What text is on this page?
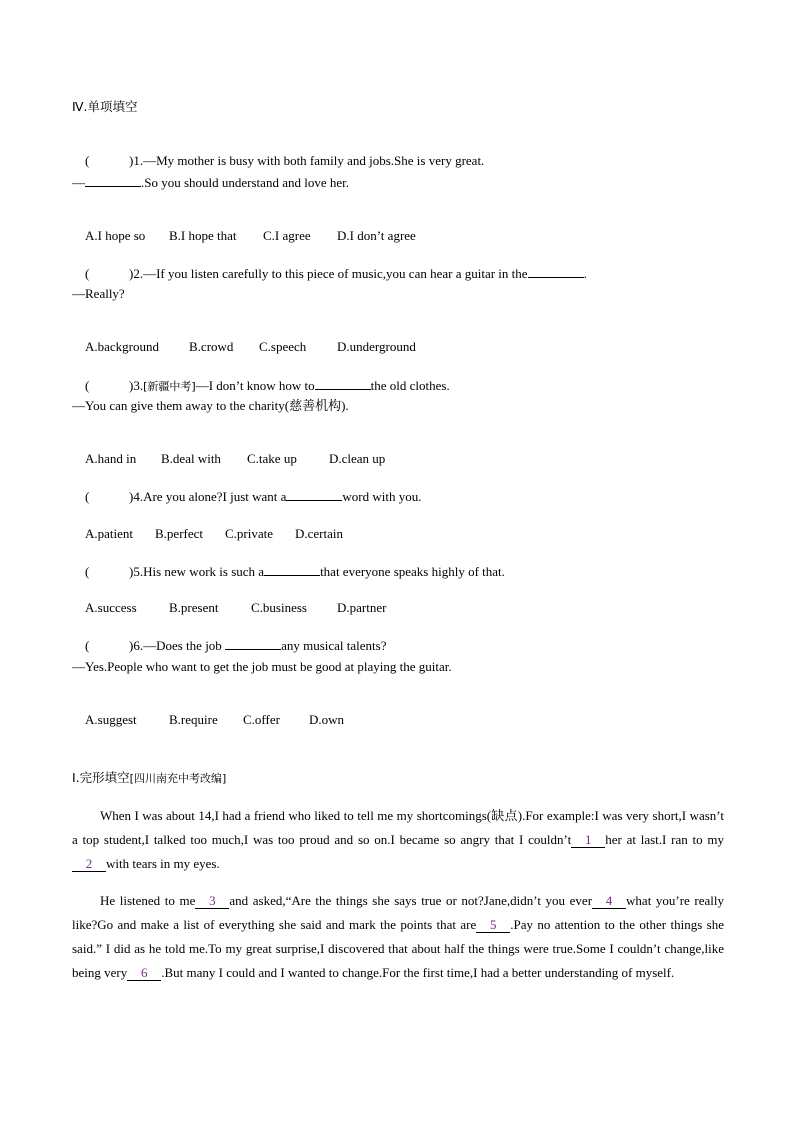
Ⅳ.单项填空

(	)1.—My mother is busy with both family and jobs.She is very great.

—	.So you should understand and love her.

A.I hope so B.I hope that C.I agree D.I don’t agree

(	)2.—If you listen carefully to this piece of music,you can hear a guitar in the	.

—Really?

A.background B.crowd C.speech D.underground

(	)3.[新疆中考]—I don’t know how to	the old clothes.

—You can give them away to the charity(慈善机构).

A.hand in B.deal with C.take up D.clean up

(	)4.Are you alone?I just want a	word with you.

A.patient B.perfect C.private D.certain

(	)5.His new work is such a	that everyone speaks highly of that.

A.success B.present	C.business D.partner

(	)6.—Does the job	any musical talents?

—Yes.People who want to get the job must be good at playing the guitar.

A.suggest B.require C.offer D.own

Ⅰ.完形填空[四川南充中考改编]
When I was about 14,I had a friend who liked to tell me my shortcomings(缺点).For example:I was very short,I wasn’t a top student,I talked too much,I was too proud and so on.I became so angry that I couldn’t 1 her at last.I ran to my2 with tears in my eyes.
He listened to me 3 and asked,“Are the things she says true or not?Jane,didn’t you ever 4 what you’re really like?Go and make a list of everything she said and mark the points that are 5 .Pay no attention to the other things she said.” I did as he told me.To my great surprise,I discovered that about half the things were true.Some I couldn’t change,like being very 6 .But many I could and I wanted to change.For the first time,I had a better understanding of myself.
